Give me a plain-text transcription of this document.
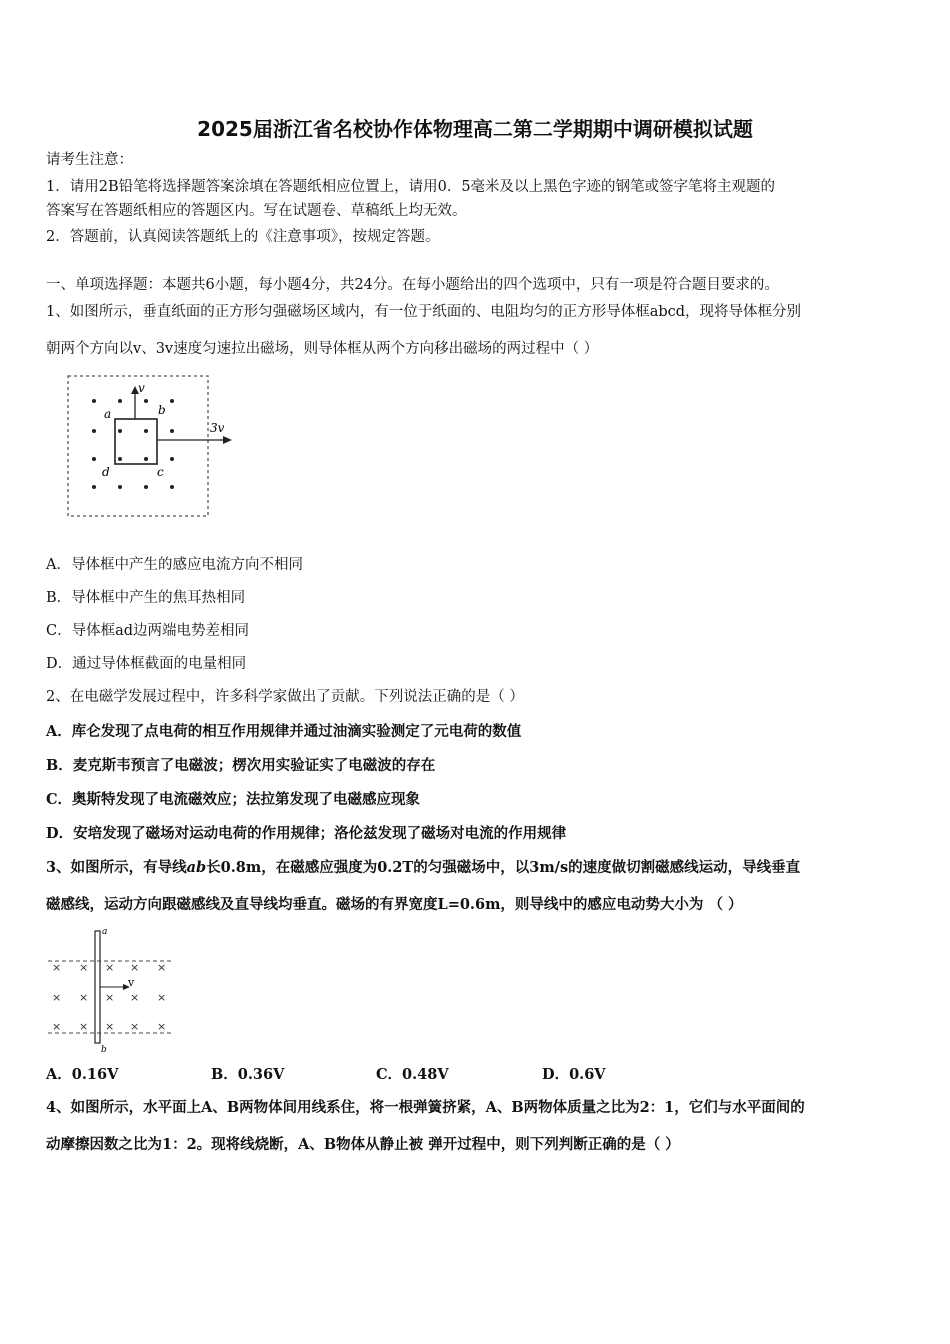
2025届浙江省名校协作体物理高二第二学期期中调研模拟试题
请考生注意：
1．请用2B铅笔将选择题答案涂填在答题纸相应位置上，请用0．5毫米及以上黑色字迹的钢笔或签字笔将主观题的
答案写在答题纸相应的答题区内。写在试题卷、草稿纸上均无效。
2．答题前，认真阅读答题纸上的《注意事项》，按规定答题。
一、单项选择题：本题共6小题，每小题4分，共24分。在每小题给出的四个选项中，只有一项是符合题目要求的。
1、如图所示，垂直纸面的正方形匀强磁场区域内，有一位于纸面的、电阻均匀的正方形导体框abcd，现将导体框分别
朝两个方向以v、3v速度匀速拉出磁场，则导体框从两个方向移出磁场的两过程中（ ）
v
3v
a	b
c
d
A．导体框中产生的感应电流方向不相同
B．导体框中产生的焦耳热相同
C．导体框ad边两端电势差相同
D．通过导体框截面的电量相同
2、在电磁学发展过程中，许多科学家做出了贡献。下列说法正确的是（ ）
A．库仑发现了点电荷的相互作用规律并通过油滴实验测定了元电荷的数值
B．麦克斯韦预言了电磁波；楞次用实验证实了电磁波的存在
C．奥斯特发现了电流磁效应；法拉第发现了电磁感应现象
D．安培发现了磁场对运动电荷的作用规律；洛伦兹发现了磁场对电流的作用规律
3、如图所示，有导线ab长0.8m，在磁感应强度为0.2T的匀强磁场中，以3m/s的速度做切割磁感线运动，导线垂直
磁感线，运动方向跟磁感线及直导线均垂直。磁场的有界宽度L=0.6m，则导线中的感应电动势大小为 （ ）
× × × × ×
× × × × ×
× × × × ×
v
a
b
A．0.16V	B．0.36V	C．0.48V	D．0.6V
4、如图所示，水平面上A、B两物体间用线系住，将一根弹簧挤紧，A、B两物体质量之比为2：1，它们与水平面间的
动摩擦因数之比为1：2。现将线烧断，A、B物体从静止被 弹开过程中，则下列判断正确的是（ ）
